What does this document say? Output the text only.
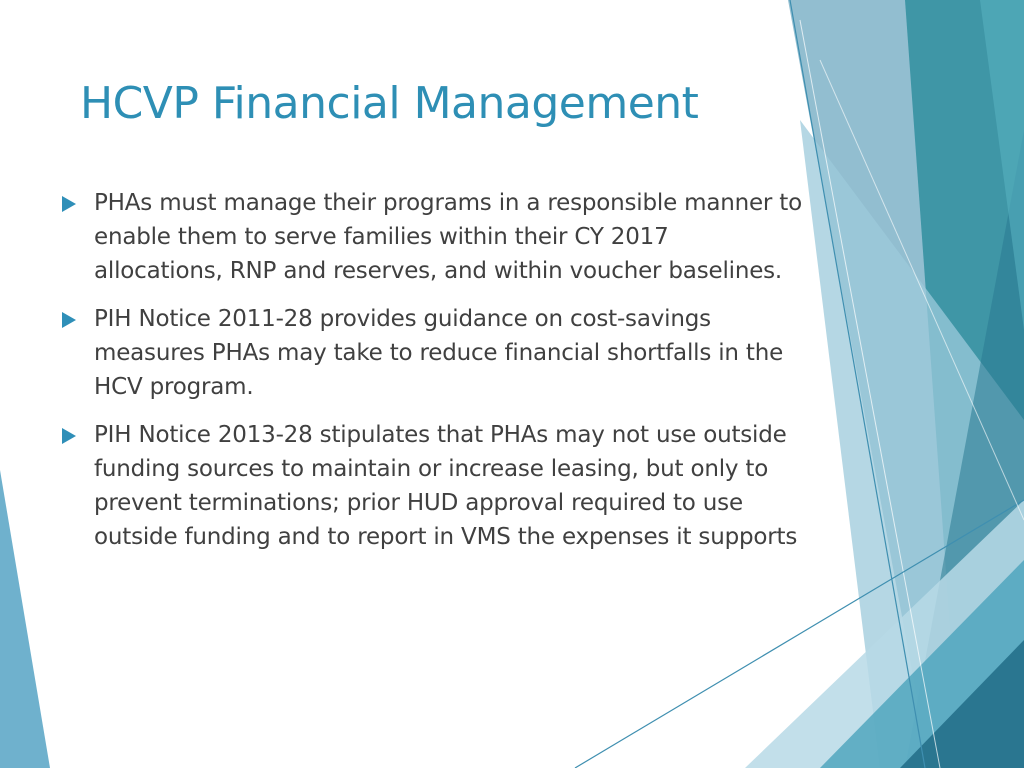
HCVP Financial Management
PHAs must manage their programs in a responsible manner to enable them to serve families within their CY 2017 allocations, RNP and reserves, and within voucher baselines.
PIH Notice 2011-28 provides guidance on cost-savings measures PHAs may take to reduce financial shortfalls in the HCV program.
PIH Notice 2013-28 stipulates that PHAs may not use outside funding sources to maintain or increase leasing, but only to prevent terminations; prior HUD approval required to use outside funding and to report in VMS the expenses it supports
